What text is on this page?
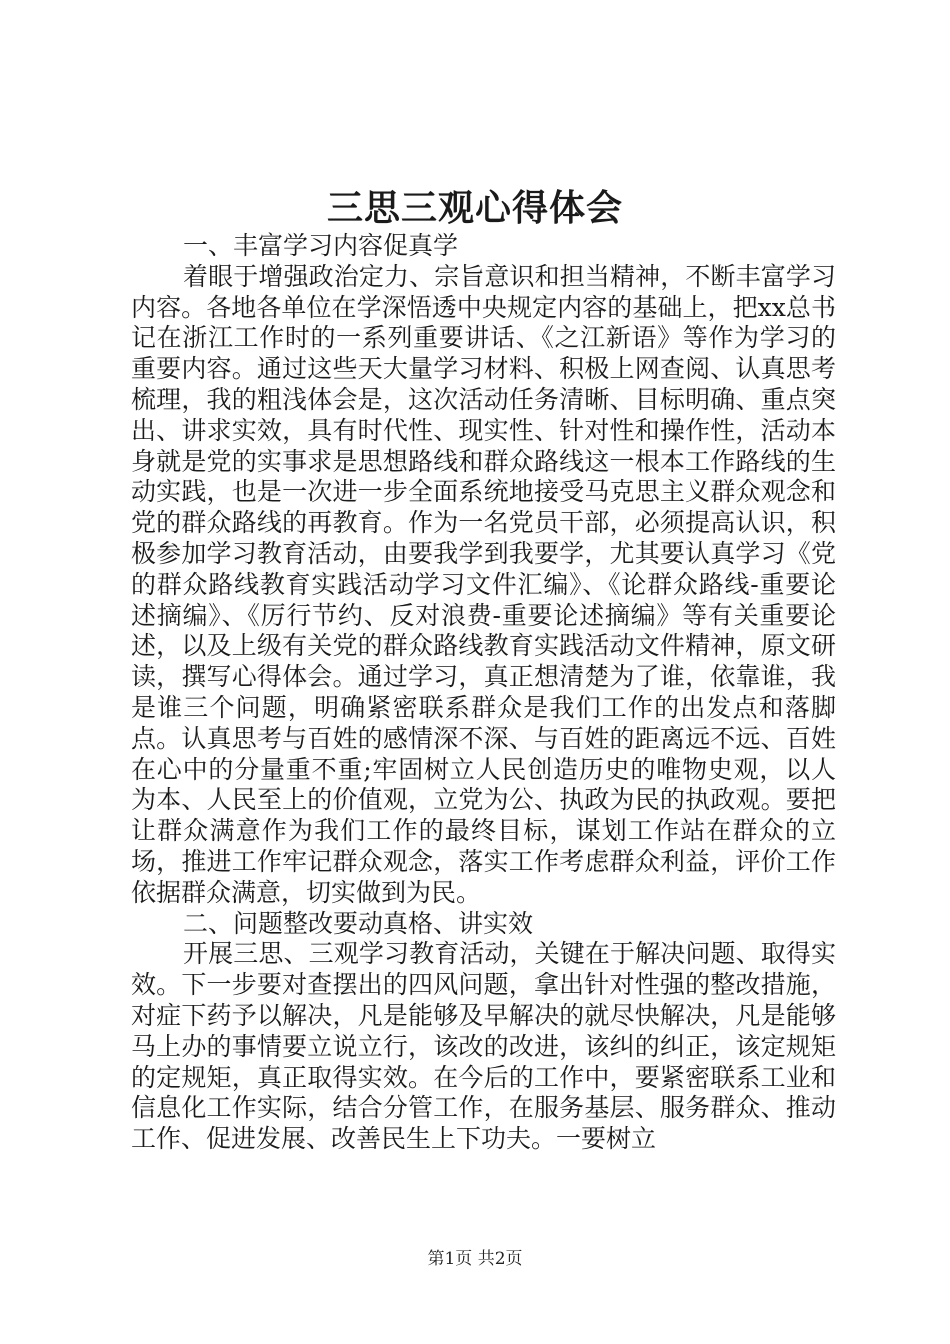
三思三观心得体会
一、丰富学习内容促真学

着眼于增强政治定力、宗旨意识和担当精神，不断丰富学习内容。各地各单位在学深悟透中央规定内容的基础上，把xx总书记在浙江工作时的一系列重要讲话、《之江新语》等作为学习的重要内容。通过这些天大量学习材料、积极上网查阅、认真思考梳理，我的粗浅体会是，这次活动任务清晰、目标明确、重点突出、讲求实效，具有时代性、现实性、针对性和操作性，活动本身就是党的实事求是思想路线和群众路线这一根本工作路线的生动实践，也是一次进一步全面系统地接受马克思主义群众观念和党的群众路线的再教育。作为一名党员干部，必须提高认识，积极参加学习教育活动，由要我学到我要学，尤其要认真学习《党的群众路线教育实践活动学习文件汇编》、《论群众路线-重要论述摘编》、《厉行节约、反对浪费-重要论述摘编》等有关重要论述，以及上级有关党的群众路线教育实践活动文件精神，原文研读，撰写心得体会。通过学习，真正想清楚为了谁，依靠谁，我是谁三个问题，明确紧密联系群众是我们工作的出发点和落脚点。认真思考与百姓的感情深不深、与百姓的距离远不远、百姓在心中的分量重不重;牢固树立人民创造历史的唯物史观，以人为本、人民至上的价值观，立党为公、执政为民的执政观。要把让群众满意作为我们工作的最终目标，谋划工作站在群众的立场，推进工作牢记群众观念，落实工作考虑群众利益，评价工作依据群众满意，切实做到为民。

二、问题整改要动真格、讲实效

开展三思、三观学习教育活动，关键在于解决问题、取得实效。下一步要对查摆出的四风问题，拿出针对性强的整改措施，对症下药予以解决，凡是能够及早解决的就尽快解决，凡是能够马上办的事情要立说立行，该改的改进，该纠的纠正，该定规矩的定规矩，真正取得实效。在今后的工作中，要紧密联系工业和信息化工作实际，结合分管工作，在服务基层、服务群众、推动工作、促进发展、改善民生上下功夫。一要树立

第1页 共2页
